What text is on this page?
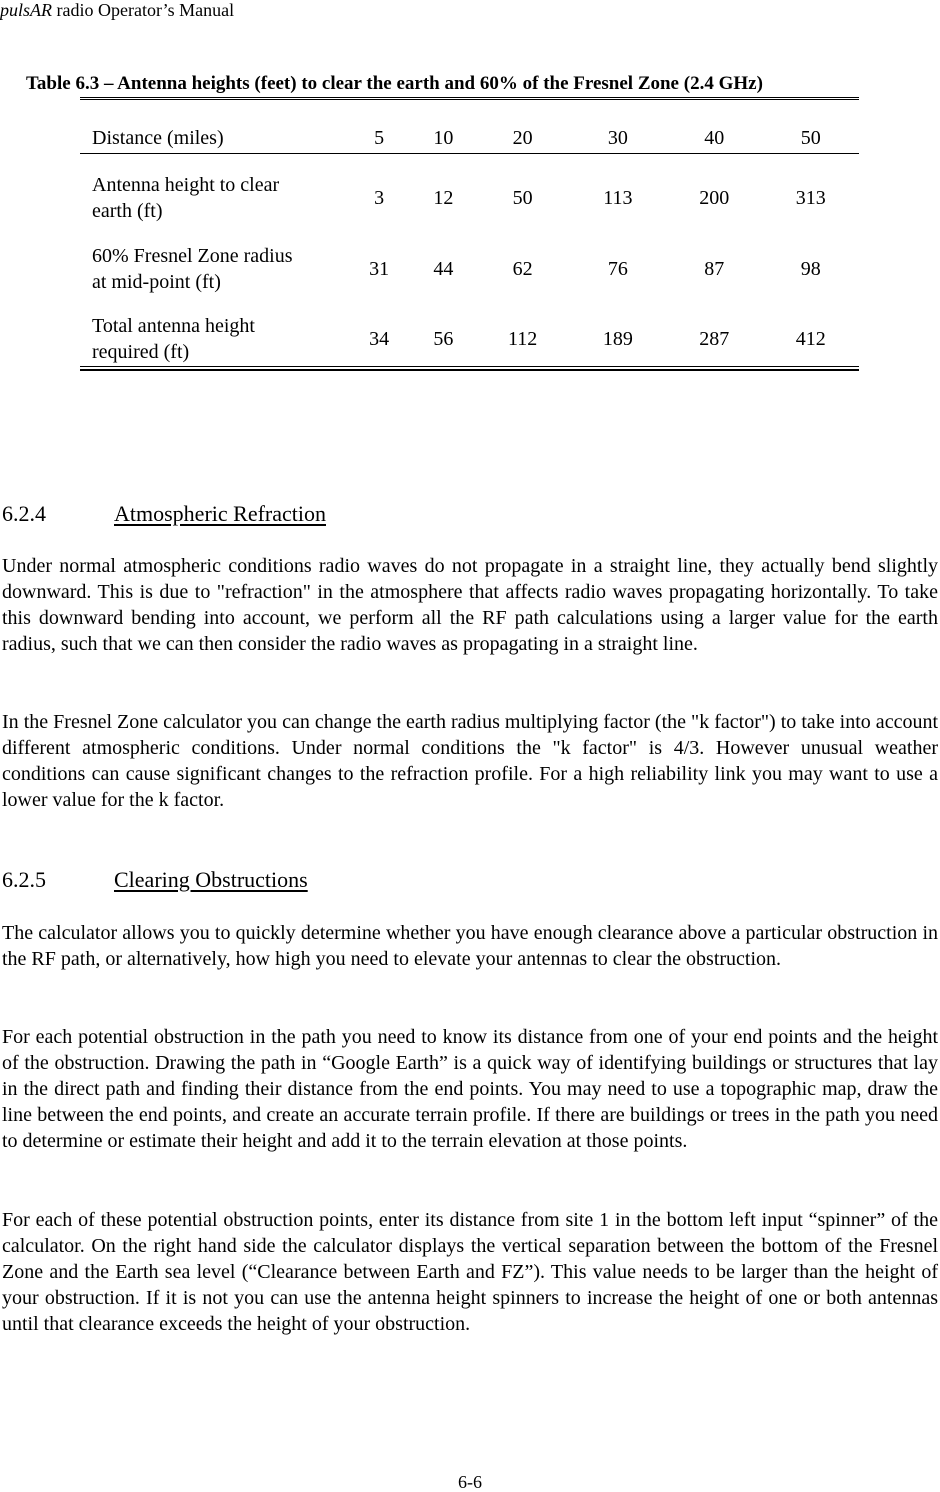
pulsAR radio Operator’s Manual
Table 6.3 – Antenna heights (feet) to clear the earth and 60% of the Fresnel Zone (2.4 GHz)
Distance (miles)	5	10	20	30	40	50
Antenna height to clear
earth (ft)	3	12	50	113	200	313
60% Fresnel Zone radius
at mid-point (ft)	31	44	62	76	87	98
Total antenna height
required (ft)	34	56	112	189	287	412
6.2.4	Atmospheric Refraction

Under normal atmospheric conditions radio waves do not propagate in a straight line, they actually bend slightly downward. This is due to "refraction" in the atmosphere that affects radio waves propagating horizontally. To take this downward bending into account, we perform all the RF path calculations using a larger value for the earth radius, such that we can then consider the radio waves as propagating in a straight line.

In the Fresnel Zone calculator you can change the earth radius multiplying factor (the "k factor") to take into account different atmospheric conditions. Under normal conditions the "k factor" is 4/3. However unusual weather conditions can cause significant changes to the refraction profile. For a high reliability link you may want to use a lower value for the k factor.

6.2.5	Clearing Obstructions

The calculator allows you to quickly determine whether you have enough clearance above a particular obstruction in the RF path, or alternatively, how high you need to elevate your antennas to clear the obstruction.

For each potential obstruction in the path you need to know its distance from one of your end points and the height of the obstruction. Drawing the path in “Google Earth” is a quick way of identifying buildings or structures that lay in the direct path and finding their distance from the end points. You may need to use a topographic map, draw the line between the end points, and create an accurate terrain profile. If there are buildings or trees in the path you need to determine or estimate their height and add it to the terrain elevation at those points.

For each of these potential obstruction points, enter its distance from site 1 in the bottom left input “spinner” of the calculator. On the right hand side the calculator displays the vertical separation between the bottom of the Fresnel Zone and the Earth sea level (“Clearance between Earth and FZ”). This value needs to be larger than the height of your obstruction. If it is not you can use the antenna height spinners to increase the height of one or both antennas until that clearance exceeds the height of your obstruction.

6-6
